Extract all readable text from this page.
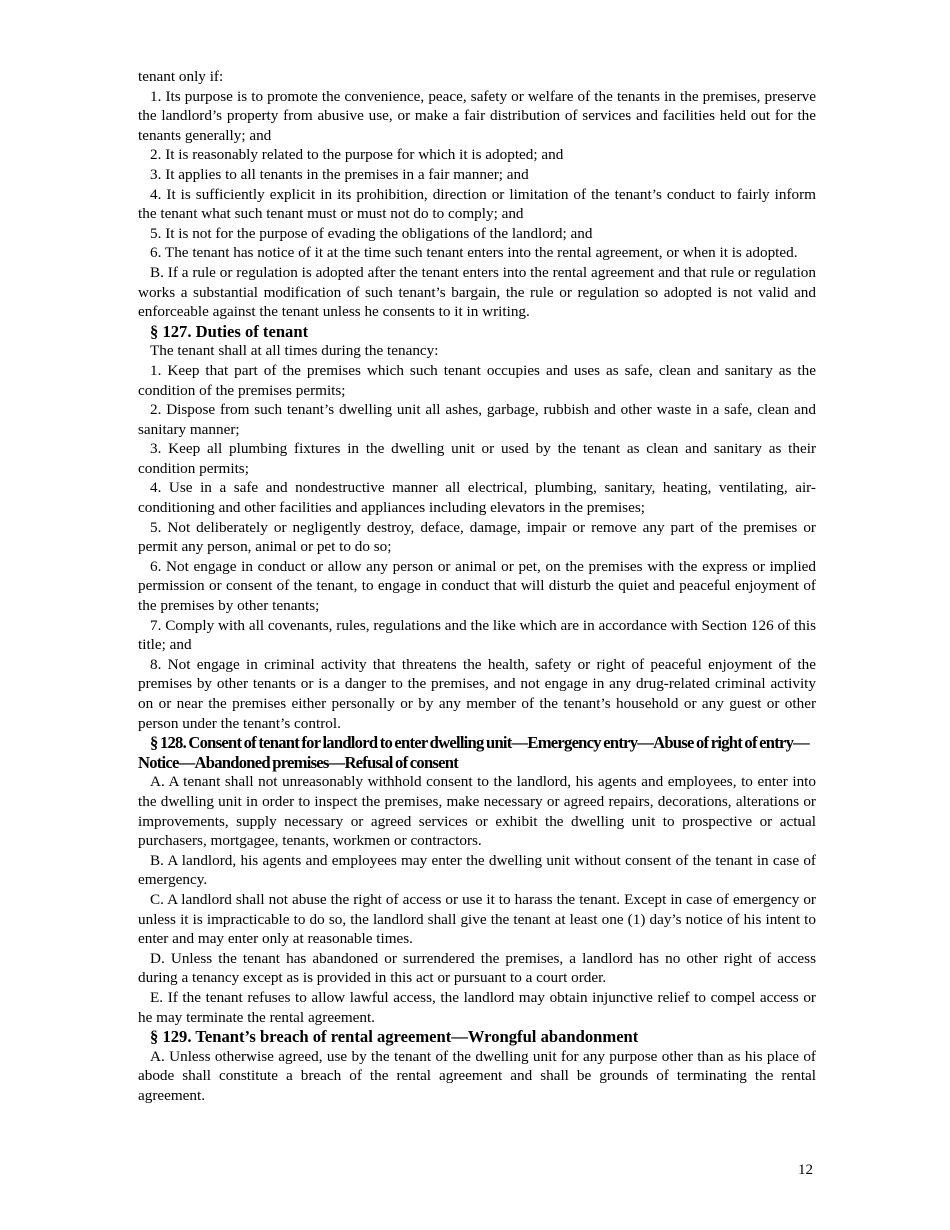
tenant only if:

1. Its purpose is to promote the convenience, peace, safety or welfare of the tenants in the premises, preserve the landlord’s property from abusive use, or make a fair distribution of services and facilities held out for the tenants generally; and

2. It is reasonably related to the purpose for which it is adopted; and

3. It applies to all tenants in the premises in a fair manner; and

4. It is sufficiently explicit in its prohibition, direction or limitation of the tenant’s conduct to fairly inform the tenant what such tenant must or must not do to comply; and

5. It is not for the purpose of evading the obligations of the landlord; and

6. The tenant has notice of it at the time such tenant enters into the rental agreement, or when it is adopted.

B. If a rule or regulation is adopted after the tenant enters into the rental agreement and that rule or regulation works a substantial modification of such tenant’s bargain, the rule or regulation so adopted is not valid and enforceable against the tenant unless he consents to it in writing.

§ 127. Duties of tenant

The tenant shall at all times during the tenancy:

1. Keep that part of the premises which such tenant occupies and uses as safe, clean and sanitary as the condition of the premises permits;

2. Dispose from such tenant’s dwelling unit all ashes, garbage, rubbish and other waste in a safe, clean and sanitary manner;

3. Keep all plumbing fixtures in the dwelling unit or used by the tenant as clean and sanitary as their condition permits;

4. Use in a safe and nondestructive manner all electrical, plumbing, sanitary, heating, ventilating, air-conditioning and other facilities and appliances including elevators in the premises;

5. Not deliberately or negligently destroy, deface, damage, impair or remove any part of the premises or permit any person, animal or pet to do so;

6. Not engage in conduct or allow any person or animal or pet, on the premises with the express or implied permission or consent of the tenant, to engage in conduct that will disturb the quiet and peaceful enjoyment of the premises by other tenants;

7. Comply with all covenants, rules, regulations and the like which are in accordance with Section 126 of this title; and

8. Not engage in criminal activity that threatens the health, safety or right of peaceful enjoyment of the premises by other tenants or is a danger to the premises, and not engage in any drug-related criminal activity on or near the premises either personally or by any member of the tenant’s household or any guest or other person under the tenant’s control.

§ 128. Consent of tenant for landlord to enter dwelling unit—Emergency entry—Abuse of right of entry—Notice—Abandoned premises—Refusal of consent

A. A tenant shall not unreasonably withhold consent to the landlord, his agents and employees, to enter into the dwelling unit in order to inspect the premises, make necessary or agreed repairs, decorations, alterations or improvements, supply necessary or agreed services or exhibit the dwelling unit to prospective or actual purchasers, mortgagee, tenants, workmen or contractors.

B. A landlord, his agents and employees may enter the dwelling unit without consent of the tenant in case of emergency.

C. A landlord shall not abuse the right of access or use it to harass the tenant. Except in case of emergency or unless it is impracticable to do so, the landlord shall give the tenant at least one (1) day’s notice of his intent to enter and may enter only at reasonable times.

D. Unless the tenant has abandoned or surrendered the premises, a landlord has no other right of access during a tenancy except as is provided in this act or pursuant to a court order.

E. If the tenant refuses to allow lawful access, the landlord may obtain injunctive relief to compel access or he may terminate the rental agreement.

§ 129. Tenant’s breach of rental agreement—Wrongful abandonment

A. Unless otherwise agreed, use by the tenant of the dwelling unit for any purpose other than as his place of abode shall constitute a breach of the rental agreement and shall be grounds of terminating the rental agreement.

12
